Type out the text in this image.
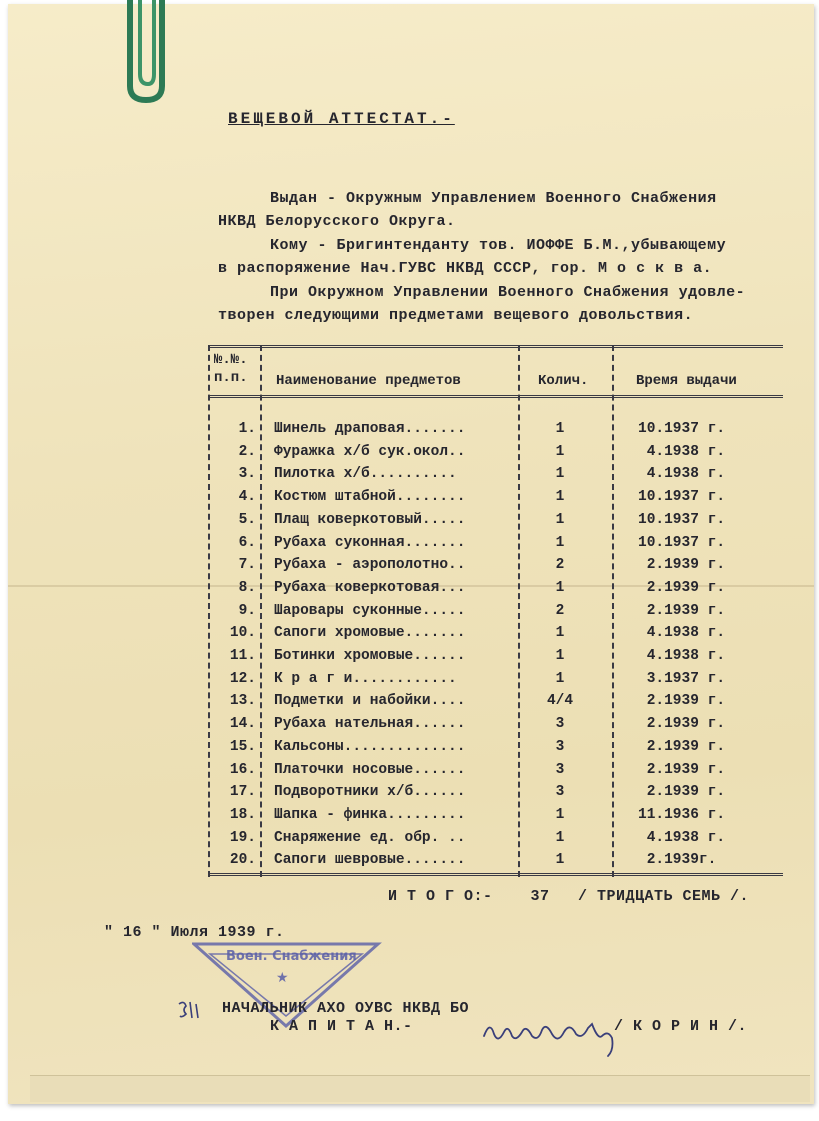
ВЕЩЕВОЙ АТТЕСТАТ.-
Выдан - Окружным Управлением Военного Снабжения
НКВД Белорусского Округа.
Кому - Бригинтенданту тов. ИОФФЕ Б.М.,убывающему
в распоряжение Нач.ГУВС НКВД СССР, гор. М о с к в а.
При Окружном Управлении Военного Снабжения удовле-
творен следующими предметами вещевого довольствия.
№.№.
п.п. Наименование предметов	Колич.	Время выдачи
1. Шинель драповая.......	1	10.1937 г.
2. Фуражка х/б сук.окол..	1	4.1938 г.
3. Пилотка х/б..........	1	4.1938 г.
4. Костюм штабной........	1	10.1937 г.
5. Плащ коверкотовый.....	1	10.1937 г.
6. Рубаха суконная.......	1	10.1937 г.
7. Рубаха - аэрополотно..	2	2.1939 г.
8. Рубаха коверкотовая...	1	2.1939 г.
9. Шаровары суконные.....	2	2.1939 г.
10. Сапоги хромовые.......	1	4.1938 г.
11. Ботинки хромовые......	1	4.1938 г.
12. К р а г и............	1	3.1937 г.
13. Подметки и набойки....	4/4	2.1939 г.
14. Рубаха нательная......	3	2.1939 г.
15. Кальсоны..............	3	2.1939 г.
16. Платочки носовые......	3	2.1939 г.
17. Подворотники х/б......	3	2.1939 г.
18. Шапка - финка.........	1	11.1936 г.
19. Снаряжение ед. обр. ..	1	4.1938 г.
20. Сапоги шевровые.......	1	2.1939г.
И Т О Г О:-    37   / ТРИДЦАТЬ СЕМЬ /.
" 16 " Июля 1939 г.
Воен. Снабжения
★
НАЧАЛЬНИК АХО ОУВС НКВД БО
К А П И Т А Н.-	/ К О Р И Н /.
